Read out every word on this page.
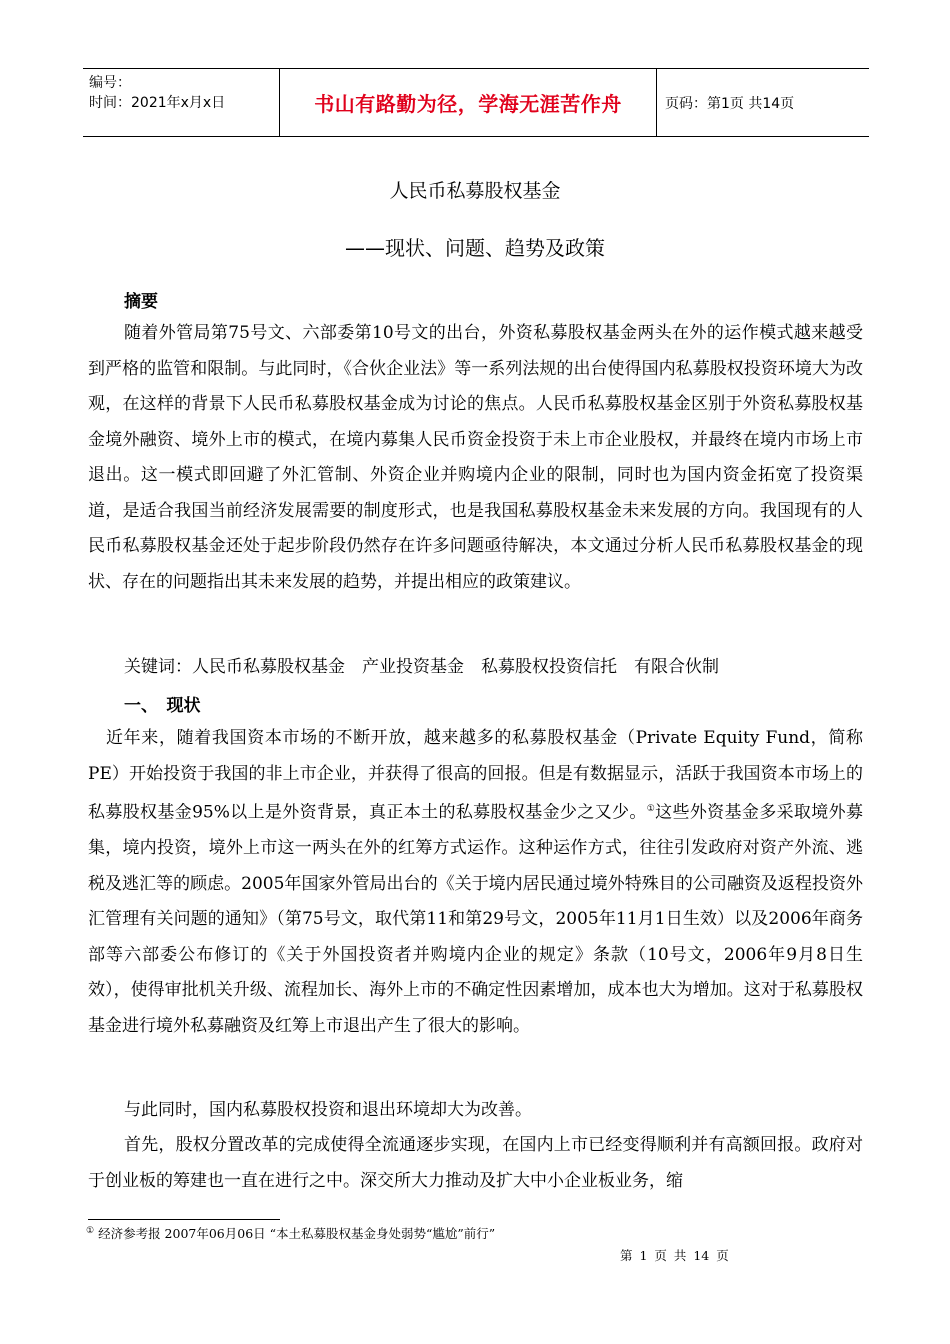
编号：
时间：2021年x月x日	书山有路勤为径，学海无涯苦作舟	页码：第1页 共14页
人民币私募股权基金
——现状、问题、趋势及政策
摘要

随着外管局第75号文、六部委第10号文的出台，外资私募股权基金两头在外的运作模式越来越受到严格的监管和限制。与此同时，《合伙企业法》等一系列法规的出台使得国内私募股权投资环境大为改观，在这样的背景下人民币私募股权基金成为讨论的焦点。人民币私募股权基金区别于外资私募股权基金境外融资、境外上市的模式，在境内募集人民币资金投资于未上市企业股权，并最终在境内市场上市退出。这一模式即回避了外汇管制、外资企业并购境内企业的限制，同时也为国内资金拓宽了投资渠道，是适合我国当前经济发展需要的制度形式，也是我国私募股权基金未来发展的方向。我国现有的人民币私募股权基金还处于起步阶段仍然存在许多问题亟待解决，本文通过分析人民币私募股权基金的现状、存在的问题指出其未来发展的趋势，并提出相应的政策建议。

关键词：人民币私募股权基金　产业投资基金　私募股权投资信托　有限合伙制

一、　现状

近年来，随着我国资本市场的不断开放，越来越多的私募股权基金（Private Equity Fund，简称PE）开始投资于我国的非上市企业，并获得了很高的回报。但是有数据显示，活跃于我国资本市场上的私募股权基金95%以上是外资背景，真正本土的私募股权基金少之又少。①这些外资基金多采取境外募集，境内投资，境外上市这一两头在外的红筹方式运作。这种运作方式，往往引发政府对资产外流、逃税及逃汇等的顾虑。2005年国家外管局出台的《关于境内居民通过境外特殊目的公司融资及返程投资外汇管理有关问题的通知》（第75号文，取代第11和第29号文，2005年11月1日生效）以及2006年商务部等六部委公布修订的《关于外国投资者并购境内企业的规定》条款（10号文，2006年9月8日生效），使得审批机关升级、流程加长、海外上市的不确定性因素增加，成本也大为增加。这对于私募股权基金进行境外私募融资及红筹上市退出产生了很大的影响。

与此同时，国内私募股权投资和退出环境却大为改善。

首先，股权分置改革的完成使得全流通逐步实现，在国内上市已经变得顺利并有高额回报。政府对于创业板的筹建也一直在进行之中。深交所大力推动及扩大中小企业板业务，缩

① 经济参考报 2007年06月06日 “本土私募股权基金身处弱势“尴尬”前行”
第 1 页 共 14 页
